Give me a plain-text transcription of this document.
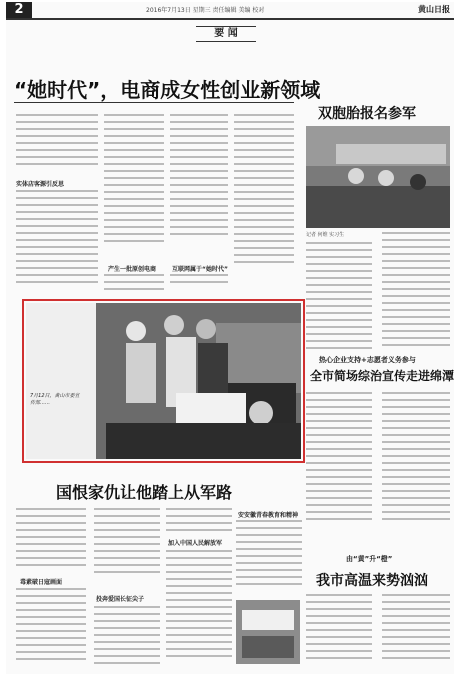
2	2016年7月13日 星期三 责任编辑 美编 校对	黄山日报
要 闻
“她时代”，电商成女性创业新领域
实体店客源引反思
产生一批原创电商	互联网属于“她时代”
双胞胎报名参军
记者 何维 实习生
7月12日，黄山市委宣传部……
热心企业支持+志愿者义务参与
全市简场综治宣传走进绵潭
国恨家仇让他踏上从军路
毒素破日寇画面
投奔爱国长征尖子
加入中国人民解放军
安安徽青春教育和精神
由“黄”升“橙”
我市高温来势汹汹
